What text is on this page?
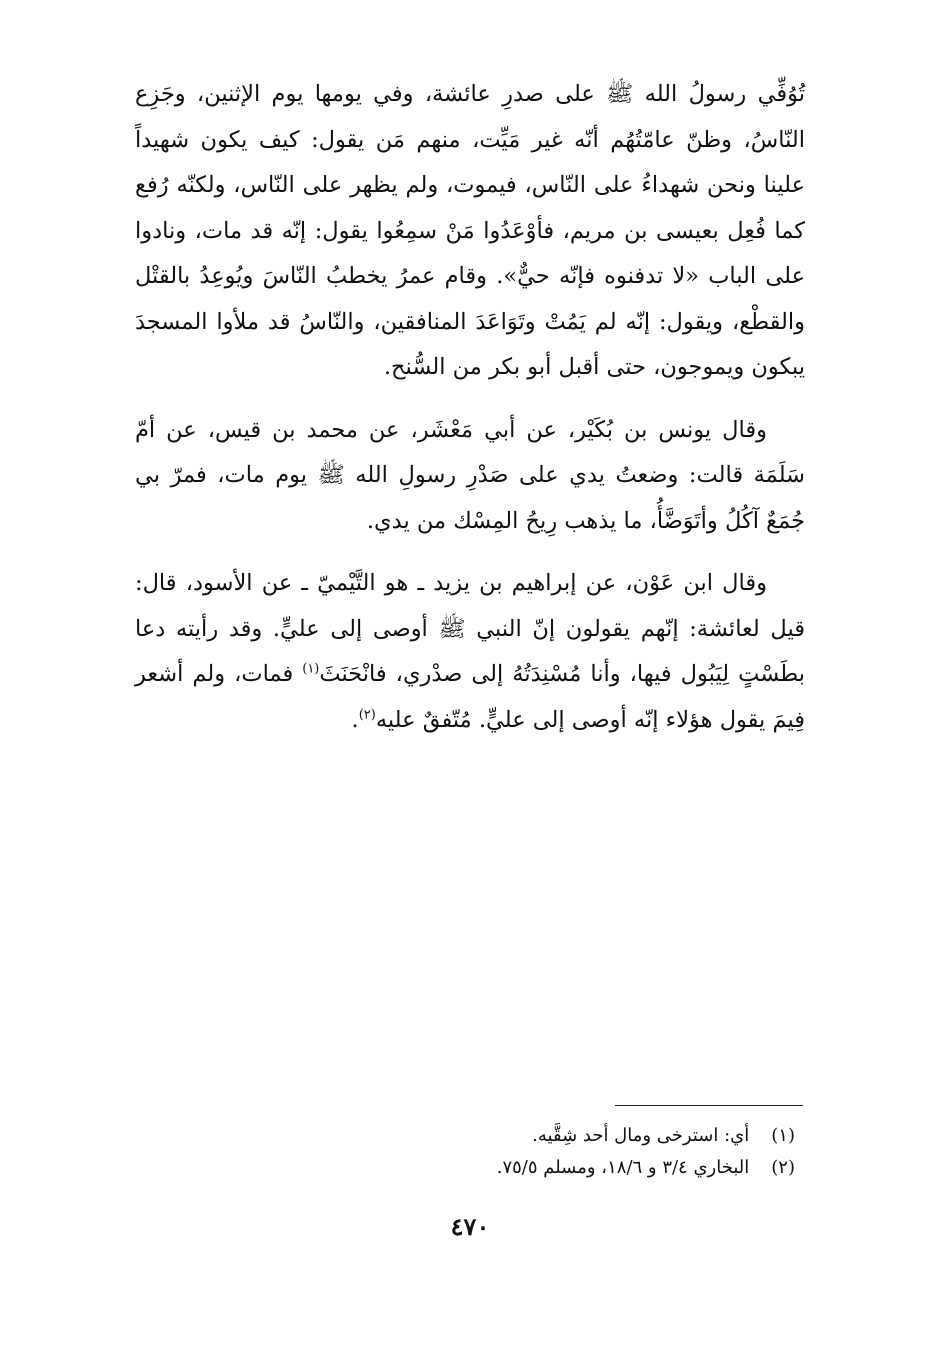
تُوُفِّي رسولُ الله ﷺ على صدرِ عائشة، وفي يومها يوم الإثنين، وجَزِع النّاسُ، وظنّ عامّتُهُم أنّه غير مَيِّت، منهم مَن يقول: كيف يكون شهيداً علينا ونحن شهداءُ على النّاس، فيموت، ولم يظهر على النّاس، ولكنّه رُفع كما فُعِل بعيسى بن مريم، فأوْعَدُوا مَنْ سمِعُوا يقول: إنّه قد مات، ونادوا على الباب «لا تدفنوه فإنّه حيٌّ». وقام عمرُ يخطبُ النّاسَ ويُوعِدُ بالقتْل والقطْع، ويقول: إنّه لم يَمُتْ وتَوَاعَدَ المنافقين، والنّاسُ قد ملأوا المسجدَ يبكون ويموجون، حتى أقبل أبو بكر من السُّنح.

وقال يونس بن بُكَيْر، عن أبي مَعْشَر، عن محمد بن قيس، عن أمّ سَلَمَة قالت: وضعتُ يدي على صَدْرِ رسولِ الله ﷺ يوم مات، فمرّ بي جُمَعٌ آكُلُ وأتَوَضَّأُ، ما يذهب رِيحُ المِسْك من يدي.

وقال ابن عَوْن، عن إبراهيم بن يزيد ـ هو التَّيْميّ ـ عن الأسود، قال: قيل لعائشة: إنّهم يقولون إنّ النبي ﷺ أوصى إلى عليٍّ. وقد رأيته دعا بطَسْتٍ لِيَبُول فيها، وأنا مُسْنِدَتُهُ إلى صدْري، فانْحَنَثَ$^{(١)}$ فمات، ولم أشعر فِيمَ يقول هؤلاء إنّه أوصى إلى عليٍّ. مُتّفقٌ عليه$^{(٢)}$.

(١) أي: استرخى ومال أحد شِقَّيه.

(٢) البخاري ٣/٤ و ١٨/٦، ومسلم ٧٥/٥.

٤٧٠
